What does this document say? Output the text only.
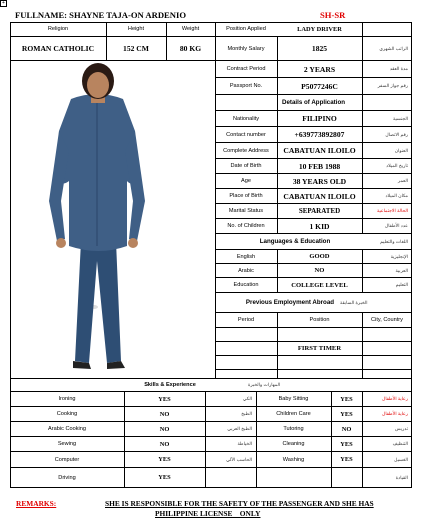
+
FULLNAME: SHAYNE TAJA-ON ARDENIO	SH-SR
Religion	Height	Weight	Position Applied	LADY DRIVER
ROMAN CATHOLIC	152 CM	80 KG	Monthly Salary	1825	الراتب الشهري
Contract Period	2 YEARS	مدة العقد
Passport No.	P5077246C	رقم جواز السفر
Details of Application
Nationality	FILIPINO	الجنسية
Contact number	+639773892807	رقم الاتصال
Complete Address	CABATUAN ILOILO	العنوان
Date of Birth	10 FEB 1988	تاريخ الميلاد
Age	38 YEARS OLD	العمر
Place of Birth	CABATUAN ILOILO	مكان الميلاد
Marital Status	SEPARATED	الحالة الاجتماعية
No. of Children	1 KID	عدد الأطفال
Languages & Education	اللغات والتعليم
English	GOOD	الإنجليزية
Arabic	NO	العربية
Education	COLLEGE LEVEL	التعليم
Previous Employment Abroad	الخبرة السابقة
Period	Position	City, Country
FIRST TIMER
Skills & Experience	المهارات والخبرة
Ironing	YES	الكي	Baby Sitting	YES	رعاية الأطفال
Cooking	NO	الطبخ	Children Care	YES	رعاية الأطفال
Arabic Cooking	NO	الطبخ العربي	Tutoring	NO	تدريس
Sewing	NO	الخياطة	Cleaning	YES	التنظيف
Computer	YES	الحاسب الآلي	Washing	YES	الغسيل
Driving	YES	القيادة
REMARKS:	SHE IS RESPONSIBLE FOR THE SAFETY OF THE PASSENGER AND SHE HAS
PHILIPPINE LICENSE    ONLY
